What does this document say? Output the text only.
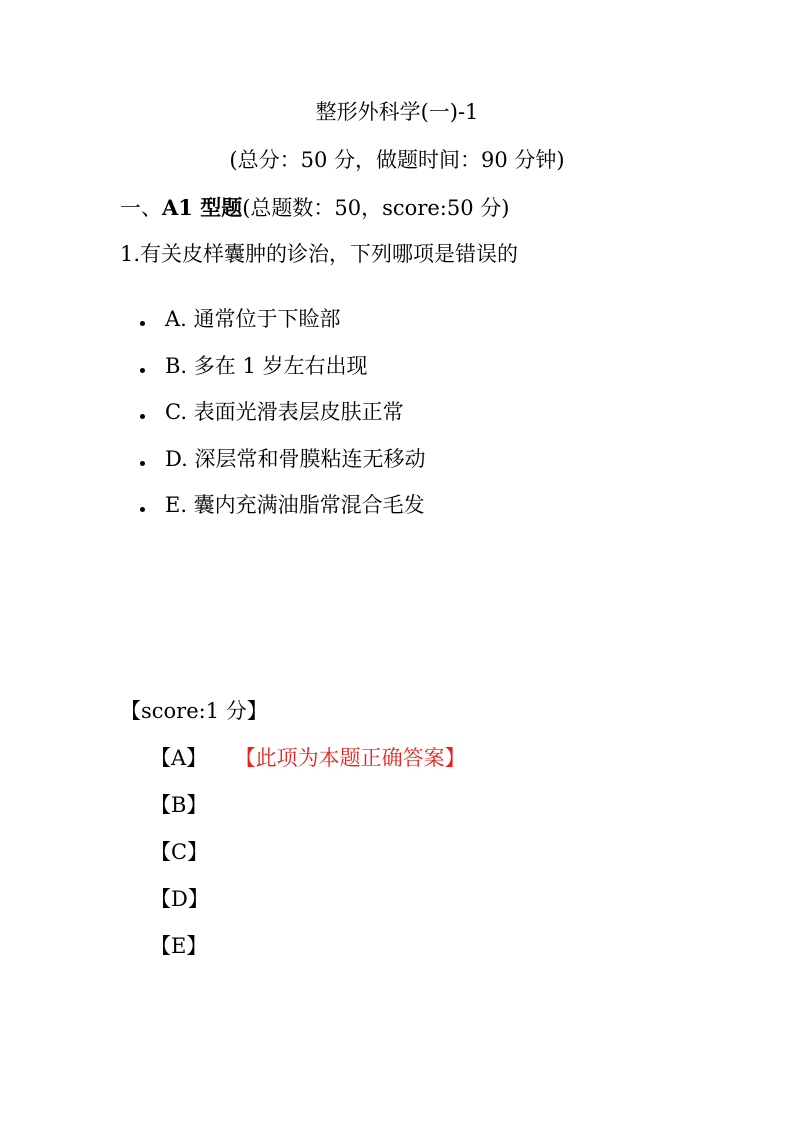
整形外科学(一)-1
(总分：50 分，做题时间：90 分钟)
一、A1 型题(总题数：50，score:50 分)
1.有关皮样囊肿的诊治，下列哪项是错误的
A. 通常位于下睑部
B. 多在 1 岁左右出现
C. 表面光滑表层皮肤正常
D. 深层常和骨膜粘连无移动
E. 囊内充满油脂常混合毛发
【score:1 分】
【A】 【此项为本题正确答案】
【B】
【C】
【D】
【E】
